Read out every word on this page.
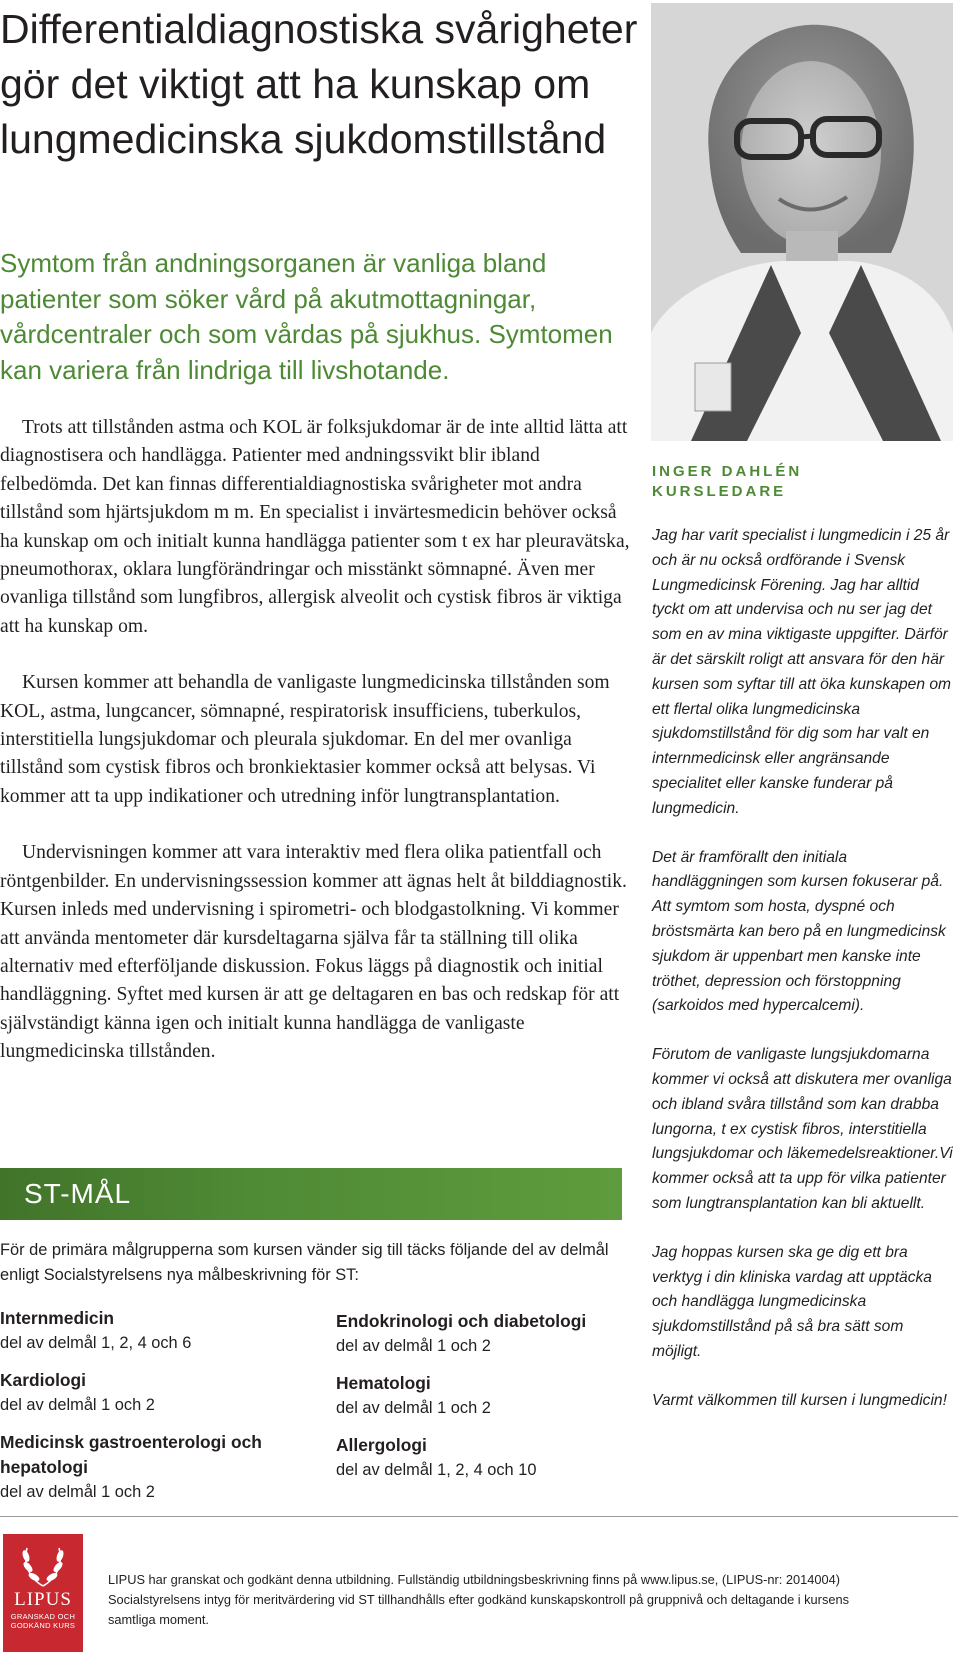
Differentialdiagnostiska svårigheter gör det viktigt att ha kunskap om lungmedicinska sjukdomstillstånd

Symtom från andningsorganen är vanliga bland patienter som söker vård på akutmottagningar, vårdcentraler och som vårdas på sjukhus. Symtomen kan variera från lindriga till livshotande.

Trots att tillstånden astma och KOL är folksjukdomar är de inte alltid lätta att diagnostisera och handlägga. Patienter med andningssvikt blir ibland felbedömda. Det kan finnas differentialdiagnostiska svårigheter mot andra tillstånd som hjärtsjukdom m m. En specialist i invärtesmedicin behöver också ha kunskap om och initialt kunna handlägga patienter som t ex har pleuravätska, pneumothorax, oklara lungförändringar och misstänkt sömnapné. Även mer ovanliga tillstånd som lungfibros, allergisk alveolit och cystisk fibros är viktiga att ha kunskap om.

Kursen kommer att behandla de vanligaste lungmedicinska tillstånden som KOL, astma, lungcancer, sömnapné, respiratorisk insufficiens, tuberkulos, interstitiella lungsjukdomar och pleurala sjukdomar. En del mer ovanliga tillstånd som cystisk fibros och bronkiektasier kommer också att belysas. Vi kommer att ta upp indikationer och utredning inför lungtransplantation.

Undervisningen kommer att vara interaktiv med flera olika patientfall och röntgenbilder. En undervisningssession kommer att ägnas helt åt bilddiagnostik. Kursen inleds med undervisning i spirometri- och blodgastolkning. Vi kommer att använda mentometer där kursdeltagarna själva får ta ställning till olika alternativ med efterföljande diskussion. Fokus läggs på diagnostik och initial handläggning. Syftet med kursen är att ge deltagaren en bas och redskap för att självständigt känna igen och initialt kunna handlägga de vanligaste lungmedicinska tillstånden.

INGER DAHLÉN
KURSLEDARE

Jag har varit specialist i lungmedicin i 25 år och är nu också ordförande i Svensk Lungmedicinsk Förening. Jag har alltid tyckt om att undervisa och nu ser jag det som en av mina viktigaste uppgifter. Därför är det särskilt roligt att ansvara för den här kursen som syftar till att öka kunskapen om ett flertal olika lungmedicinska sjukdomstillstånd för dig som har valt en internmedicinsk eller angränsande specialitet eller kanske funderar på lungmedicin.

Det är framförallt den initiala handläggningen som kursen fokuserar på. Att symtom som hosta, dyspné och bröstsmärta kan bero på en lungmedicinsk sjukdom är uppenbart men kanske inte tröthet, depression och förstoppning (sarkoidos med hypercalcemi).

Förutom de vanligaste lungsjukdomarna kommer vi också att diskutera mer ovanliga och ibland svåra tillstånd som kan drabba lungorna, t ex cystisk fibros, interstitiella lungsjukdomar och läkemedelsreaktioner.Vi kommer också att ta upp för vilka patienter som lungtransplantation kan bli aktuellt.

Jag hoppas kursen ska ge dig ett bra verktyg i din kliniska vardag att upptäcka och handlägga lungmedicinska sjukdomstillstånd på så bra sätt som möjligt.

Varmt välkommen till kursen i lungmedicin!

ST-MÅL
För de primära målgrupperna som kursen vänder sig till täcks följande del av delmål enligt Socialstyrelsens nya målbeskrivning för ST:
Internmedicin
del av delmål 1, 2, 4 och 6
Kardiologi
del av delmål 1 och 2
Medicinsk gastroenterologi och hepatologi
del av delmål 1 och 2
Endokrinologi och diabetologi
del av delmål 1 och 2
Hematologi
del av delmål 1 och 2
Allergologi
del av delmål 1, 2, 4 och 10
LIPUS
GRANSKAD OCH
GODKÄND KURS

LIPUS har granskat och godkänt denna utbildning. Fullständig utbildningsbeskrivning finns på www.lipus.se, (LIPUS-nr: 2014004)

Socialstyrelsens intyg för meritvärdering vid ST tillhandhålls efter godkänd kunskapskontroll på gruppnivå och deltagande i kursens samtliga moment.
